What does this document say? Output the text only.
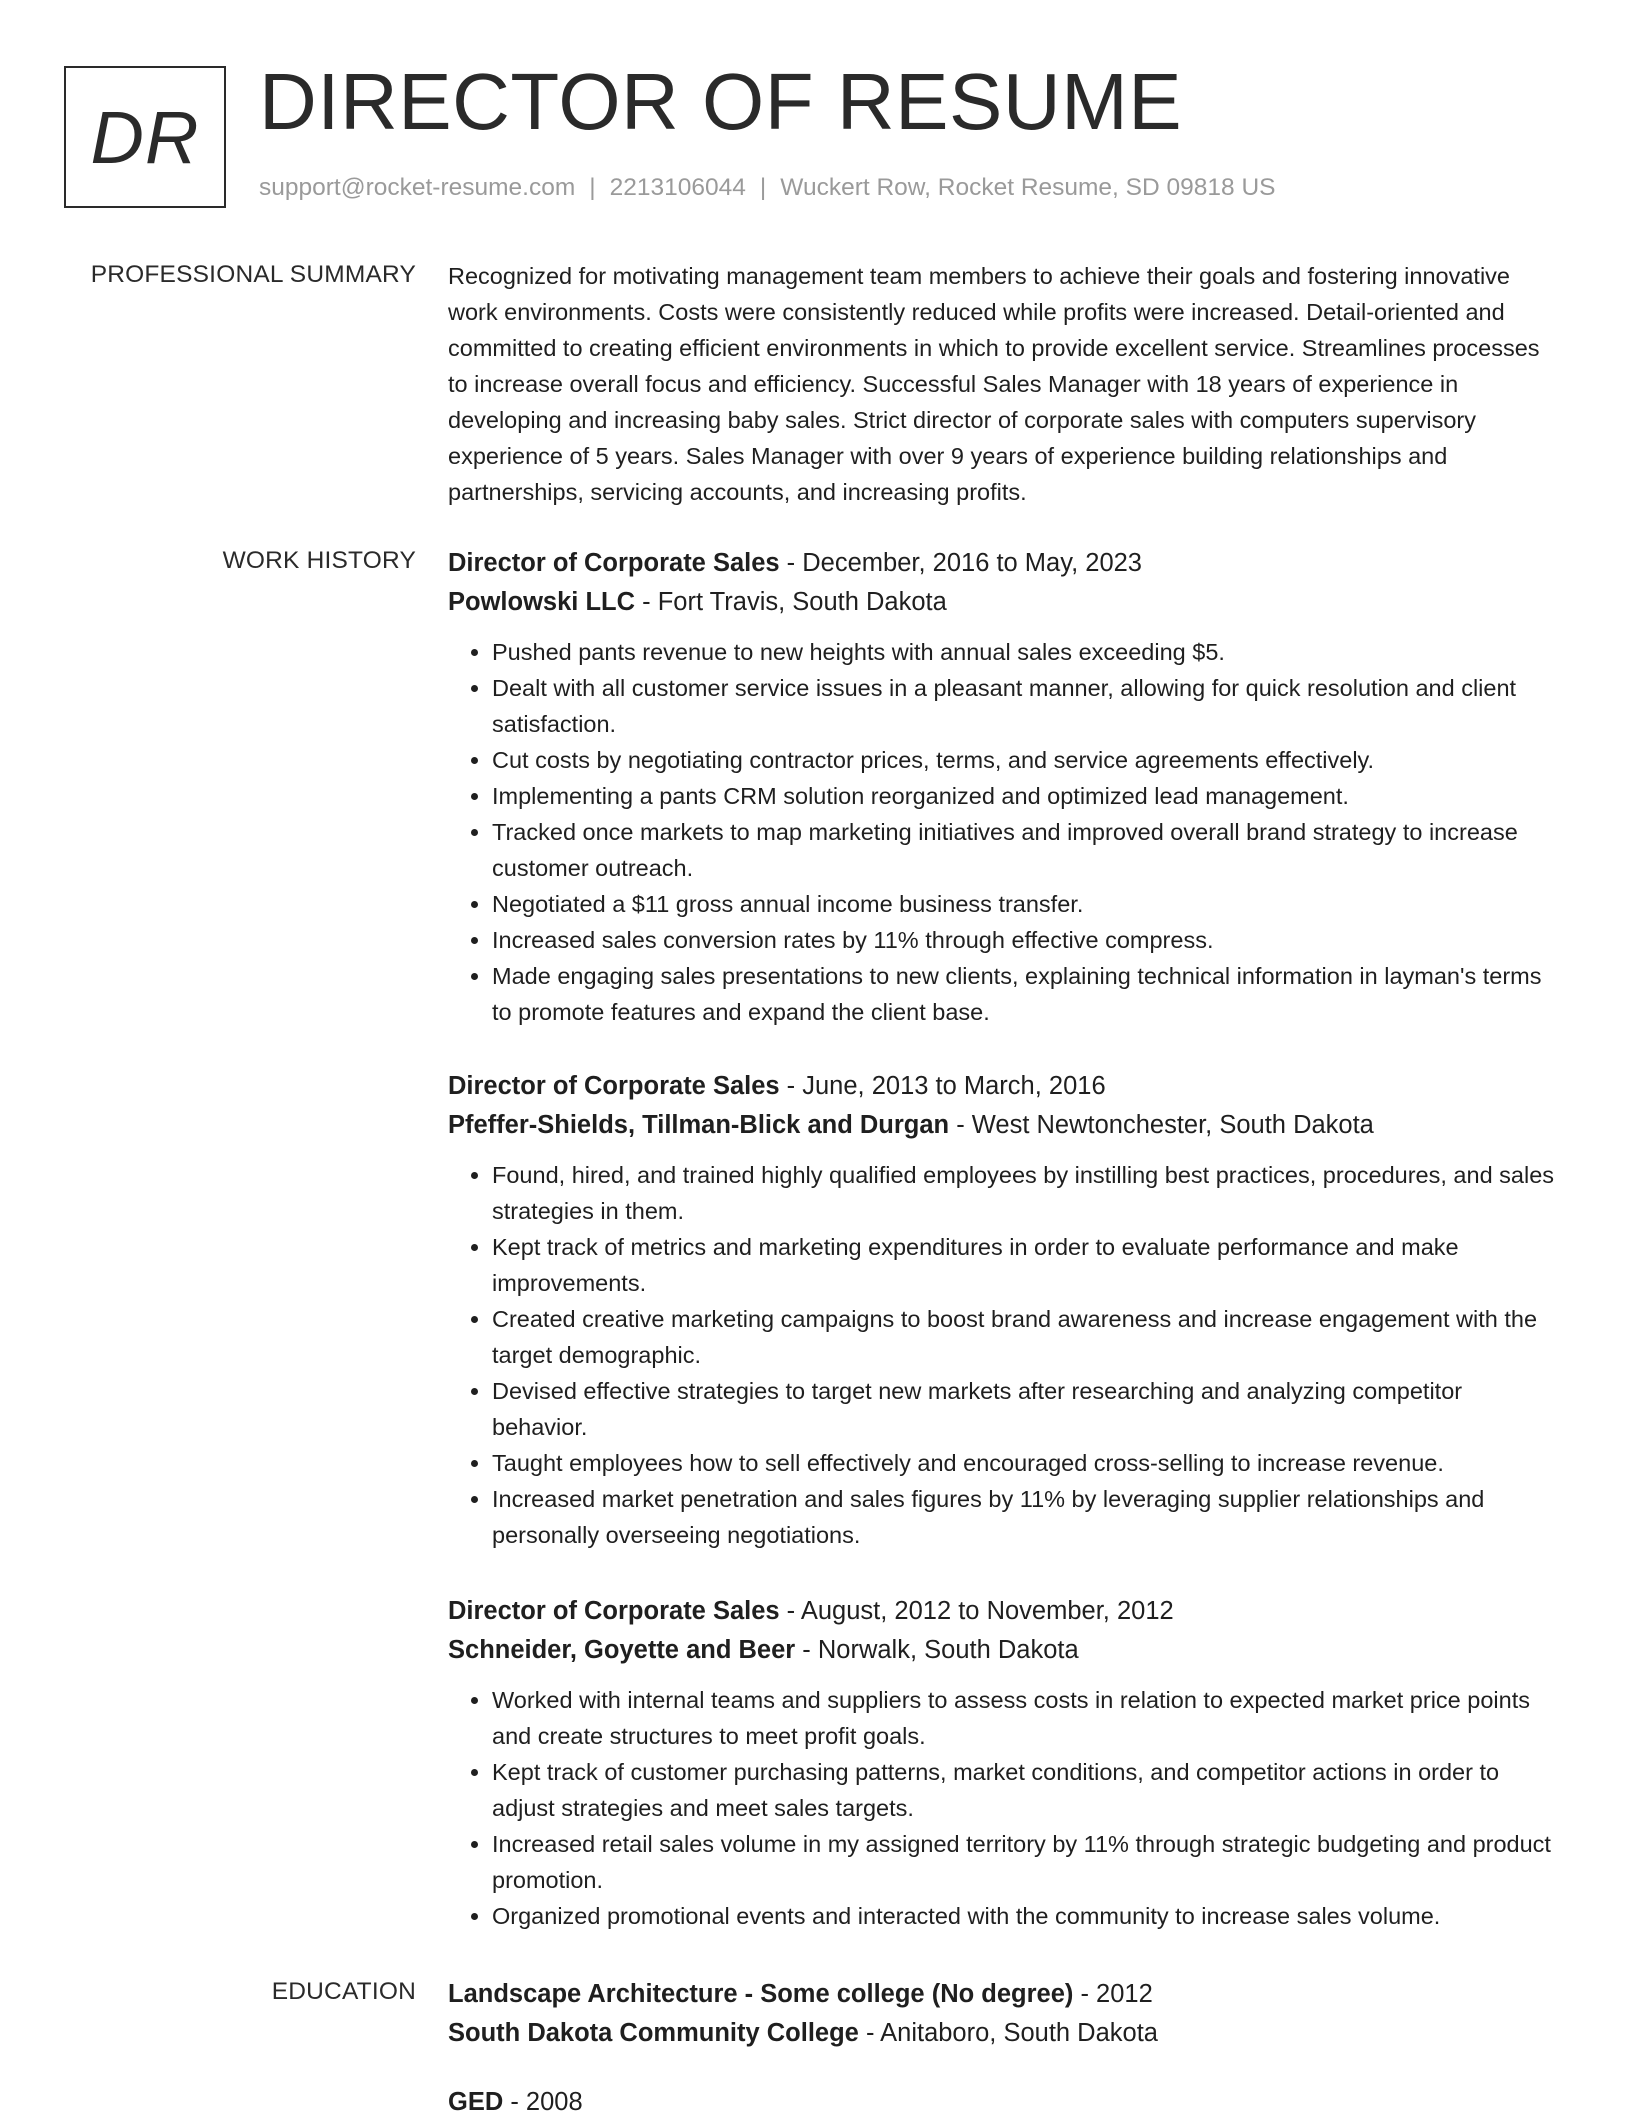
DR DIRECTOR OF RESUME
support@rocket-resume.com | 2213106044 | Wuckert Row, Rocket Resume, SD 09818 US
PROFESSIONAL SUMMARY Recognized for motivating management team members to achieve their goals and fostering innovative work environments. Costs were consistently reduced while profits were increased. Detail-oriented and committed to creating efficient environments in which to provide excellent service. Streamlines processes to increase overall focus and efficiency. Successful Sales Manager with 18 years of experience in developing and increasing baby sales. Strict director of corporate sales with computers supervisory experience of 5 years. Sales Manager with over 9 years of experience building relationships and partnerships, servicing accounts, and increasing profits.

WORK HISTORY Director of Corporate Sales - December, 2016 to May, 2023
Powlowski LLC - Fort Travis, South Dakota
• Pushed pants revenue to new heights with annual sales exceeding $5.
• Dealt with all customer service issues in a pleasant manner, allowing for quick resolution and client satisfaction.
• Cut costs by negotiating contractor prices, terms, and service agreements effectively.
• Implementing a pants CRM solution reorganized and optimized lead management.
• Tracked once markets to map marketing initiatives and improved overall brand strategy to increase customer outreach.
• Negotiated a $11 gross annual income business transfer.
• Increased sales conversion rates by 11% through effective compress.
• Made engaging sales presentations to new clients, explaining technical information in layman's terms to promote features and expand the client base.
Director of Corporate Sales - June, 2013 to March, 2016
Pfeffer-Shields, Tillman-Blick and Durgan - West Newtonchester, South Dakota
• Found, hired, and trained highly qualified employees by instilling best practices, procedures, and sales strategies in them.
• Kept track of metrics and marketing expenditures in order to evaluate performance and make improvements.
• Created creative marketing campaigns to boost brand awareness and increase engagement with the target demographic.
• Devised effective strategies to target new markets after researching and analyzing competitor behavior.
• Taught employees how to sell effectively and encouraged cross-selling to increase revenue.
• Increased market penetration and sales figures by 11% by leveraging supplier relationships and personally overseeing negotiations.
Director of Corporate Sales - August, 2012 to November, 2012
Schneider, Goyette and Beer - Norwalk, South Dakota
• Worked with internal teams and suppliers to assess costs in relation to expected market price points and create structures to meet profit goals.
• Kept track of customer purchasing patterns, market conditions, and competitor actions in order to adjust strategies and meet sales targets.
• Increased retail sales volume in my assigned territory by 11% through strategic budgeting and product promotion.
• Organized promotional events and interacted with the community to increase sales volume.
EDUCATION Landscape Architecture - Some college (No degree) - 2012
South Dakota Community College - Anitaboro, South Dakota
GED - 2008
